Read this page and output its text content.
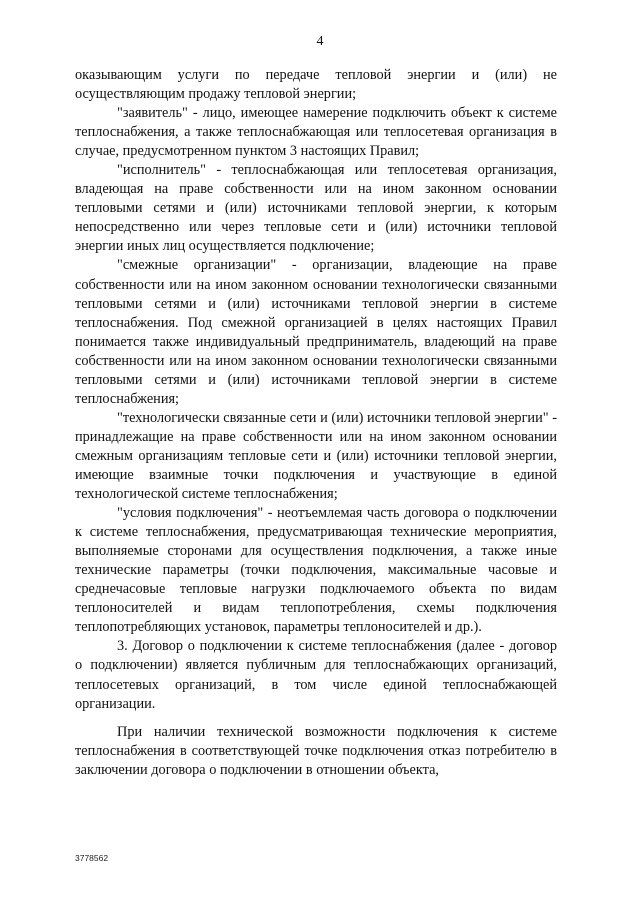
4

оказывающим услуги по передаче тепловой энергии и (или) не осуществляющим продажу тепловой энергии;

"заявитель" - лицо, имеющее намерение подключить объект к системе теплоснабжения, а также теплоснабжающая или теплосетевая организация в случае, предусмотренном пунктом 3 настоящих Правил;

"исполнитель" - теплоснабжающая или теплосетевая организация, владеющая на праве собственности или на ином законном основании тепловыми сетями и (или) источниками тепловой энергии, к которым непосредственно или через тепловые сети и (или) источники тепловой энергии иных лиц осуществляется подключение;

"смежные организации" - организации, владеющие на праве собственности или на ином законном основании технологически связанными тепловыми сетями и (или) источниками тепловой энергии в системе теплоснабжения. Под смежной организацией в целях настоящих Правил понимается также индивидуальный предприниматель, владеющий на праве собственности или на ином законном основании технологически связанными тепловыми сетями и (или) источниками тепловой энергии в системе теплоснабжения;

"технологически связанные сети и (или) источники тепловой энергии" - принадлежащие на праве собственности или на ином законном основании смежным организациям тепловые сети и (или) источники тепловой энергии, имеющие взаимные точки подключения и участвующие в единой технологической системе теплоснабжения;

"условия подключения" - неотъемлемая часть договора о подключении к системе теплоснабжения, предусматривающая технические мероприятия, выполняемые сторонами для осуществления подключения, а также иные технические параметры (точки подключения, максимальные часовые и среднечасовые тепловые нагрузки подключаемого объекта по видам теплоносителей и видам теплопотребления, схемы подключения теплопотребляющих установок, параметры теплоносителей и др.).

3. Договор о подключении к системе теплоснабжения (далее - договор о подключении) является публичным для теплоснабжающих организаций, теплосетевых организаций, в том числе единой теплоснабжающей организации.

При наличии технической возможности подключения к системе теплоснабжения в соответствующей точке подключения отказ потребителю в заключении договора о подключении в отношении объекта,

3778562
